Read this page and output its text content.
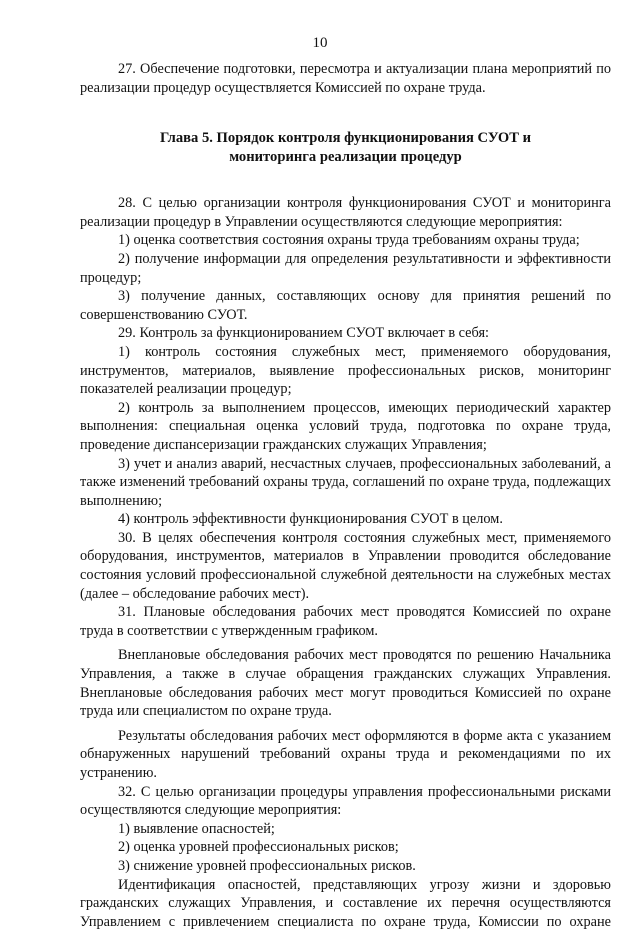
10

27. Обеспечение подготовки, пересмотра и актуализации плана мероприятий по реализации процедур осуществляется Комиссией по охране труда.

Глава 5. Порядок контроля функционирования СУОТ и мониторинга реализации процедур

28. С целью организации контроля функционирования СУОТ и мониторинга реализации процедур в Управлении осуществляются следующие мероприятия:

1) оценка соответствия состояния охраны труда требованиям охраны труда;

2) получение информации для определения результативности и эффективности процедур;

3) получение данных, составляющих основу для принятия решений по совершенствованию СУОТ.

29. Контроль за функционированием СУОТ включает в себя:

1) контроль состояния служебных мест, применяемого оборудования, инструментов, материалов, выявление профессиональных рисков, мониторинг показателей реализации процедур;

2) контроль за выполнением процессов, имеющих периодический характер выполнения: специальная оценка условий труда, подготовка по охране труда, проведение диспансеризации гражданских служащих Управления;

3) учет и анализ аварий, несчастных случаев, профессиональных заболеваний, а также изменений требований охраны труда, соглашений по охране труда, подлежащих выполнению;

4) контроль эффективности функционирования СУОТ в целом.

30. В целях обеспечения контроля состояния служебных мест, применяемого оборудования, инструментов, материалов в Управлении проводится обследование состояния условий профессиональной служебной деятельности на служебных местах (далее – обследование рабочих мест).

31. Плановые обследования рабочих мест проводятся Комиссией по охране труда в соответствии с утвержденным графиком.

Внеплановые обследования рабочих мест проводятся по решению Начальника Управления, а также в случае обращения гражданских служащих Управления. Внеплановые обследования рабочих мест могут проводиться Комиссией по охране труда или специалистом по охране труда.

Результаты обследования рабочих мест оформляются в форме акта с указанием обнаруженных нарушений требований охраны труда и рекомендациями по их устранению.

32. С целью организации процедуры управления профессиональными рисками осуществляются следующие мероприятия:

1) выявление опасностей;

2) оценка уровней профессиональных рисков;

3) снижение уровней профессиональных рисков.

Идентификация опасностей, представляющих угрозу жизни и здоровью гражданских служащих Управления, и составление их перечня осуществляются Управлением с привлечением специалиста по охране труда, Комиссии по охране
